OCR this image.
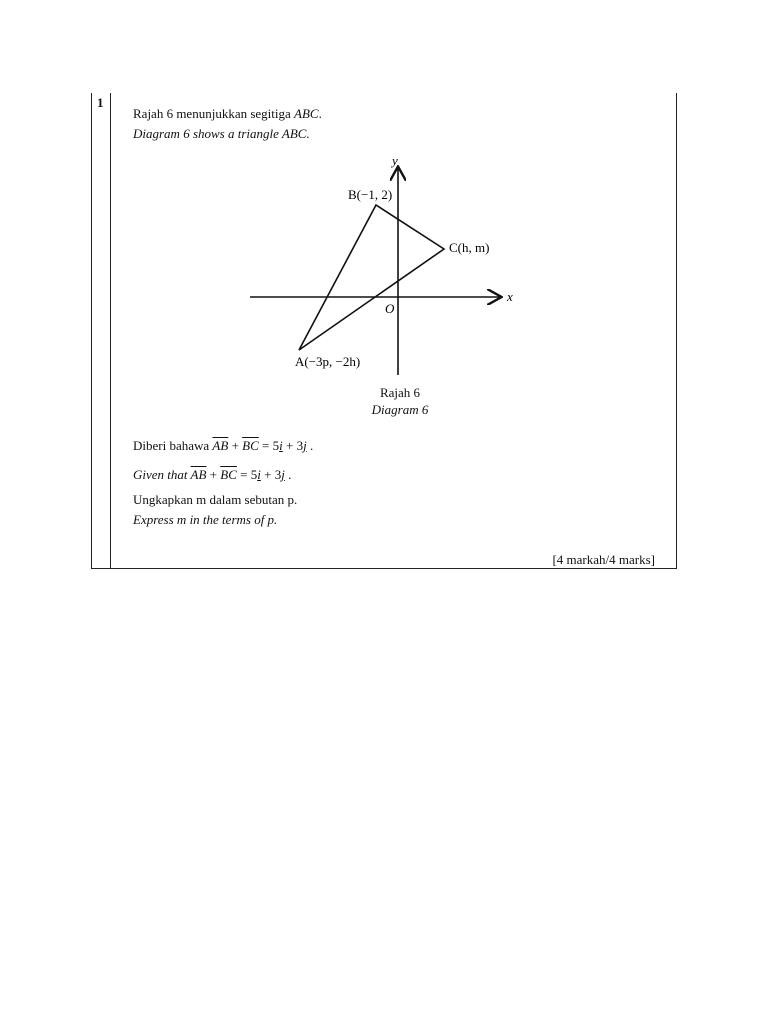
1
Rajah 6 menunjukkan segitiga ABC.
Diagram 6 shows a triangle ABC.
Rajah 6
Diagram 6
Diberi bahawa $\overline{AB} + \overline{BC} = 5i + 3j$ .
Given that $\overline{AB} + \overline{BC} = 5i + 3j$ .
Ungkapkan m dalam sebutan p.
Express m in the terms of p.
[4 markah/4 marks]
y
x
O
B(−1, 2)
C(h, m)
A(−3p, −2h)
